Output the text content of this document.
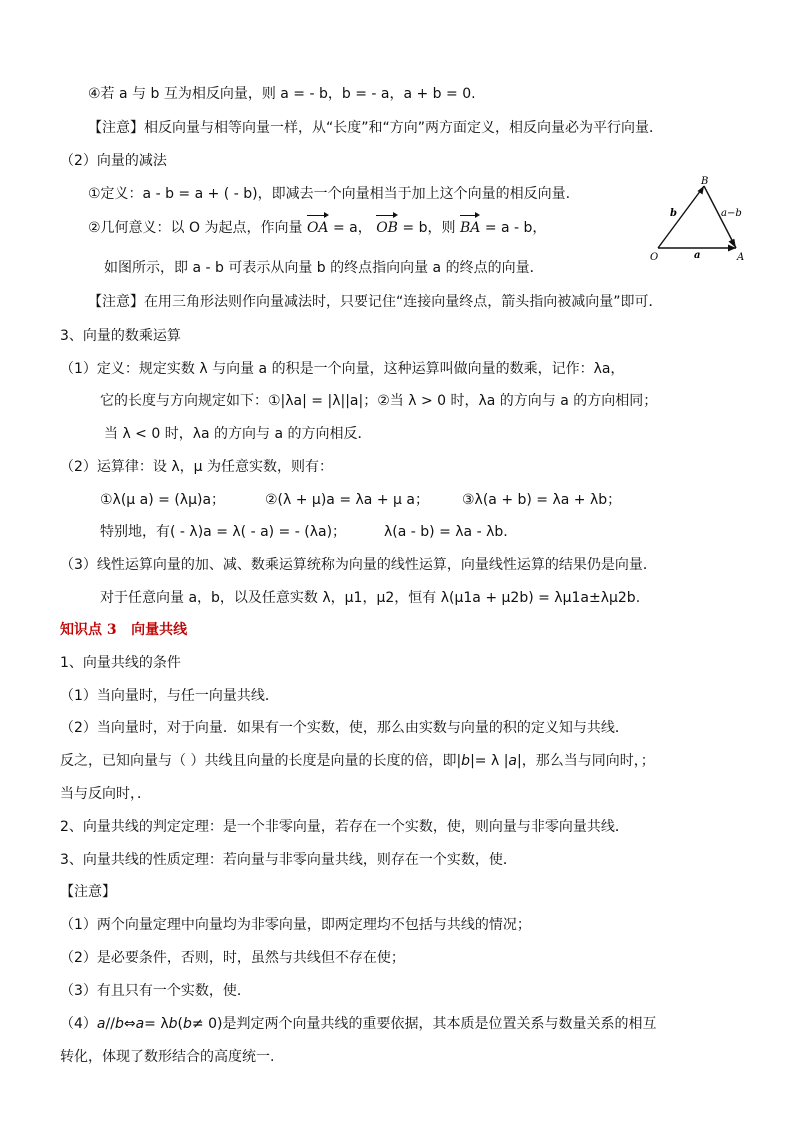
④若 a 与 b 互为相反向量，则 a = - b，b = - a，a + b = 0.
【注意】相反向量与相等向量一样，从“长度”和“方向”两方面定义，相反向量必为平行向量．
（2）向量的减法
①定义：a - b = a + ( - b)，即减去一个向量相当于加上这个向量的相反向量.
②几何意义：以 O 为起点，作向量 OA = a， OB = b，则 BA = a - b，
O	A
B
a
b	a−b
如图所示，即 a - b 可表示从向量 b 的终点指向向量 a 的终点的向量．
【注意】在用三角形法则作向量减法时，只要记住“连接向量终点，箭头指向被减向量”即可．
3、向量的数乘运算
（1）定义：规定实数 λ 与向量 a 的积是一个向量，这种运算叫做向量的数乘，记作：λa，
它的长度与方向规定如下：①|λa| = |λ||a|；②当 λ > 0 时，λa 的方向与 a 的方向相同；
当 λ < 0 时，λa 的方向与 a 的方向相反．
（2）运算律：设 λ，μ 为任意实数，则有：
①λ(μ a) = (λμ)a；	②(λ + μ)a = λa + μ a； ③λ(a + b) = λa + λb；
特别地，有( - λ)a = λ( - a) = - (λa)；	λ(a - b) = λa - λb.
（3）线性运算向量的加、减、数乘运算统称为向量的线性运算，向量线性运算的结果仍是向量．
对于任意向量 a，b，以及任意实数 λ，μ1，μ2，恒有 λ(μ1a + μ2b) = λμ1a±λμ2b.
知识点 3 向量共线
1、向量共线的条件
（1）当向量时，与任一向量共线．
（2）当向量时，对于向量．如果有一个实数，使，那么由实数与向量的积的定义知与共线．
反之，已知向量与（ ）共线且向量的长度是向量的长度的倍，即|b|= λ |a|，那么当与同向时，；
当与反向时，．
2、向量共线的判定定理：是一个非零向量，若存在一个实数，使，则向量与非零向量共线．
3、向量共线的性质定理：若向量与非零向量共线，则存在一个实数，使．
【注意】
（1）两个向量定理中向量均为非零向量，即两定理均不包括与共线的情况；
（2）是必要条件，否则，时，虽然与共线但不存在使；
（3）有且只有一个实数，使．
（4）a//b⇔a= λb(b≠ 0)是判定两个向量共线的重要依据，其本质是位置关系与数量关系的相互
转化，体现了数形结合的高度统一.
